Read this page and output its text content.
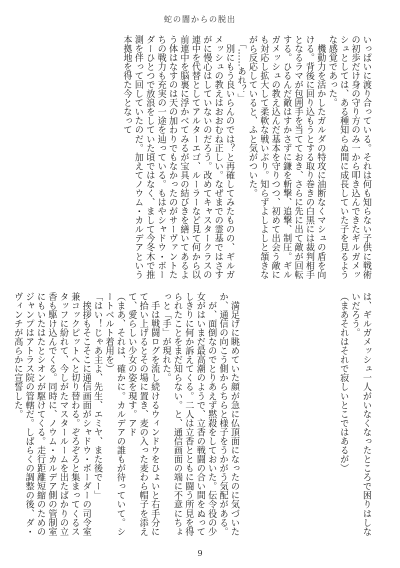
蛇の闇からの脱出
いっぱいに渡り合っている。それは何も知らない子供に戦術の初歩だけ身の守り方のみ一から叩き込んできたギルガメッシュとしては、ある種知らぬ間に成長していた子を見るような感覚であった。
　機動力を活かしたガルダの特攻に油断なくマシュの盾を向ける。背後に回り込もうとする取り巻きの白黒には裁判相手となるラマが包囲手を当てておき、さらに先に出て敵が回転する。ひるんだ敵はすかさずに鎌を斬撃、追撃、制圧。ギルガメッシュの教え込んだ基本を守りつつ、初めて出会う敵にも対応し拡大して柔軟な戦いぶり。知らずよしよしと頷きながら反応していると、ふと気がついた。
　「……あれ？」
　別にもう良いらんのでは？と再確してみたものの、ギルガメッシュの教えはおおむね正しい。なぜまでの霊基ではさすがに慢心はしていないのだろう。改めてキャスタークラスの連中を代替としてアルターエゴ、ルーラーなど見て何から以前連中を脳裏に浮かべてみるが宝具の結びきを繕いてあるよう体はなすのは天の加わりでもなかったのがサーヴァントたちの戦力も充実の一途を辿っている。もはやシャドウ・ボーダーひとつで放浪をしていた頃ではなく、まして今冬木で推測を伴って回していたのだ。加えてノウム・カルデアという本拠地を得た今となって
は、ギルガメッシュ一人がいなくなったところで困りはしないだろう。
（まあそれはそれで寂しいとこではあるが）
　満足げに眺めていた顔が急に仏頂面になったのに気づいたか、通信の向こう側からちらと様子をうかがう気配がある。
　が、面倒なのでとりあえず黙殺をしておいた。伝令役の少女がはいまだ最高潮のようで、立香の戦闘の合い間をぬってしきりに何か訴えてくる。二人は立香とともに闘う所見を得られたことをまだ知らない。と、通信画面の端に不意にちょっと「手」が現れた。
　手は戦闘ログを流し続けるウィンドウをひょいと右手分にて拾い上げるとその場に置き、麦の入った麦わら帽子を添えて、愛らしい少女の姿を現す。アド
（まあ、それは、確かに。カルデアの誰もが待っていて。シートベルト着用を）
「はい！じゃあ主よ、先生、エミヤ、また後でー」
　挨拶もそこそこに通信画面がシャドウ・ボーダーの司令室兼コックピットへと切り替わる。ぞろぞろと集まってくるスタッフに紛れて、今しがたマスタールームを出たばかりの立香も駆け込んでくる。同時に、ノウム・カルデア側の管制室にもいたはたとシオンが駆けてくる。走行距離短縮のためのジャンプはアトラス院の管轄だ。しばらくの調整の後、ダ・ヴィンチが高らかに宣誓した。
9
